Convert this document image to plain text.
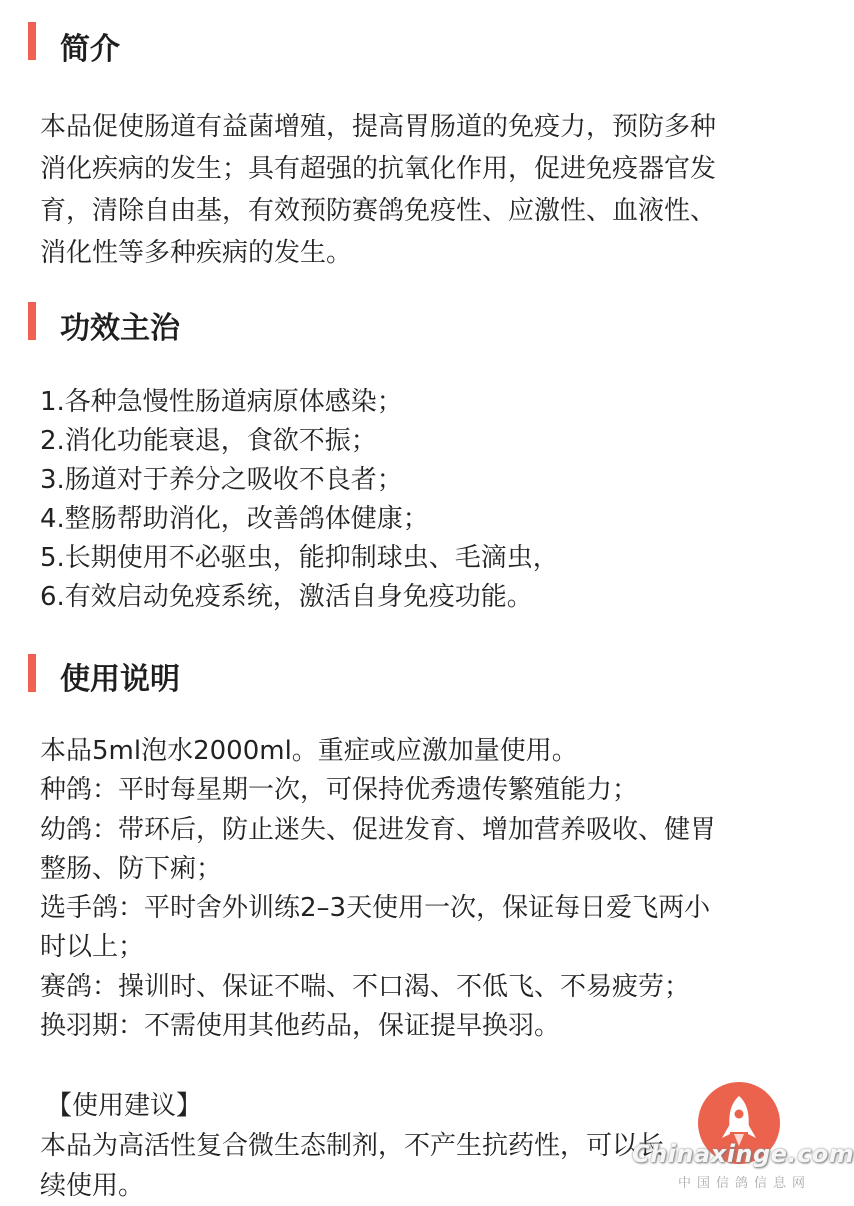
简介
本品促使肠道有益菌增殖，提高胃肠道的免疫力，预防多种
消化疾病的发生；具有超强的抗氧化作用，促进免疫器官发
育，清除自由基，有效预防赛鸽免疫性、应激性、血液性、
消化性等多种疾病的发生。
功效主治
1.各种急慢性肠道病原体感染；
2.消化功能衰退，食欲不振；
3.肠道对于养分之吸收不良者；
4.整肠帮助消化，改善鸽体健康；
5.长期使用不必驱虫，能抑制球虫、毛滴虫，
6.有效启动免疫系统，激活自身免疫功能。
使用说明
本品5ml泡水2000ml。重症或应激加量使用。
种鸽：平时每星期一次，可保持优秀遗传繁殖能力；
幼鸽：带环后，防止迷失、促进发育、增加营养吸收、健胃
整肠、防下痢；
选手鸽：平时舍外训练2–3天使用一次，保证每日爱飞两小
时以上；
赛鸽：操训时、保证不喘、不口渴、不低飞、不易疲劳；
换羽期：不需使用其他药品，保证提早换羽。
【使用建议】
本品为高活性复合微生态制剂，不产生抗药性，可以长
续使用。
Chinaxinge.com
中国信鸽信息网
